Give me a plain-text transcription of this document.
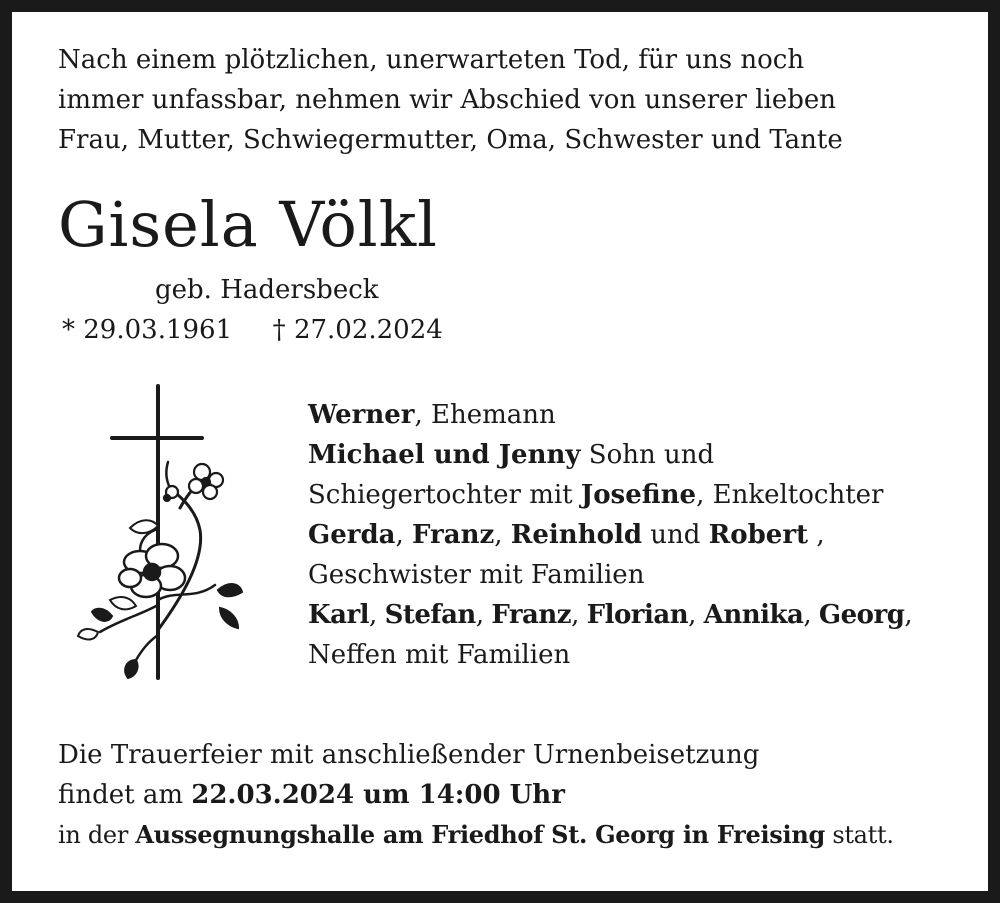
Nach einem plötzlichen, unerwarteten Tod, für uns noch
immer unfassbar, nehmen wir Abschied von unserer lieben
Frau, Mutter, Schwiegermutter, Oma, Schwester und Tante
Gisela Völkl
geb. Hadersbeck
* 29.03.1961 † 27.02.2024
Werner, Ehemann
Michael und Jenny Sohn und
Schiegertochter mit Josefine, Enkeltochter
Gerda, Franz, Reinhold und Robert ,
Geschwister mit Familien
Karl, Stefan, Franz, Florian, Annika, Georg,
Neffen mit Familien
Die Trauerfeier mit anschließender Urnenbeisetzung
findet am 22.03.2024 um 14:00 Uhr
in der Aussegnungshalle am Friedhof St. Georg in Freising statt.
